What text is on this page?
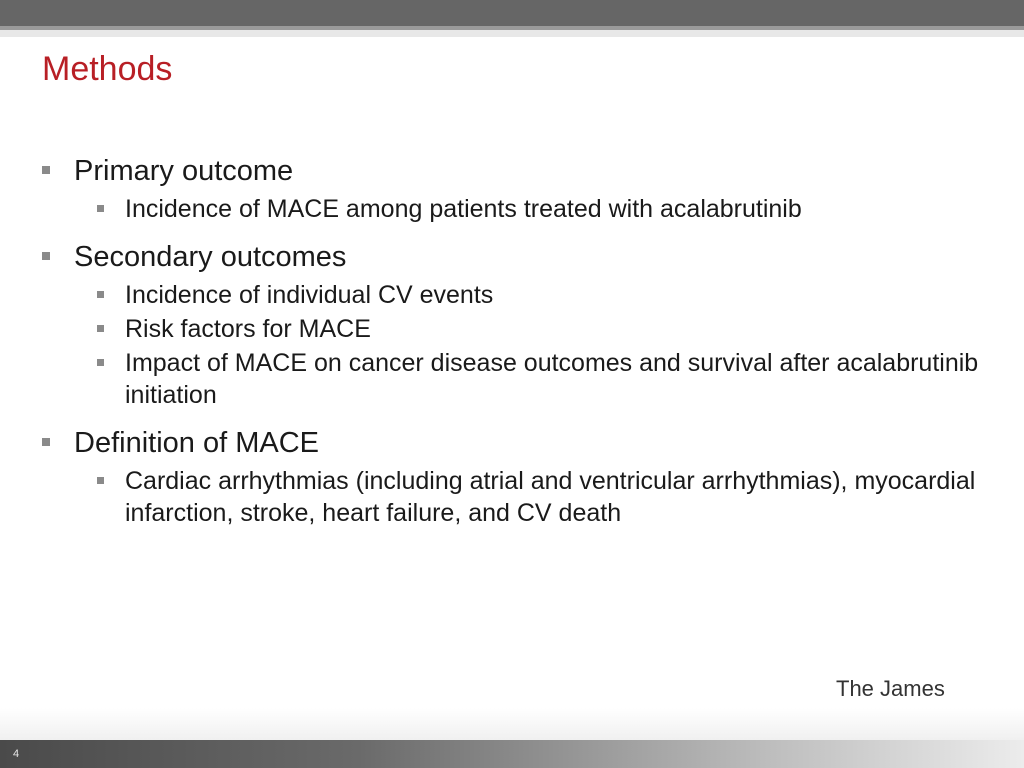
Methods
Primary outcome
Incidence of MACE among patients treated with acalabrutinib
Secondary outcomes
Incidence of individual CV events
Risk factors for MACE
Impact of MACE on cancer disease outcomes and survival after acalabrutinib initiation
Definition of MACE
Cardiac arrhythmias (including atrial and ventricular arrhythmias), myocardial infarction, stroke, heart failure, and CV death
The James
4
